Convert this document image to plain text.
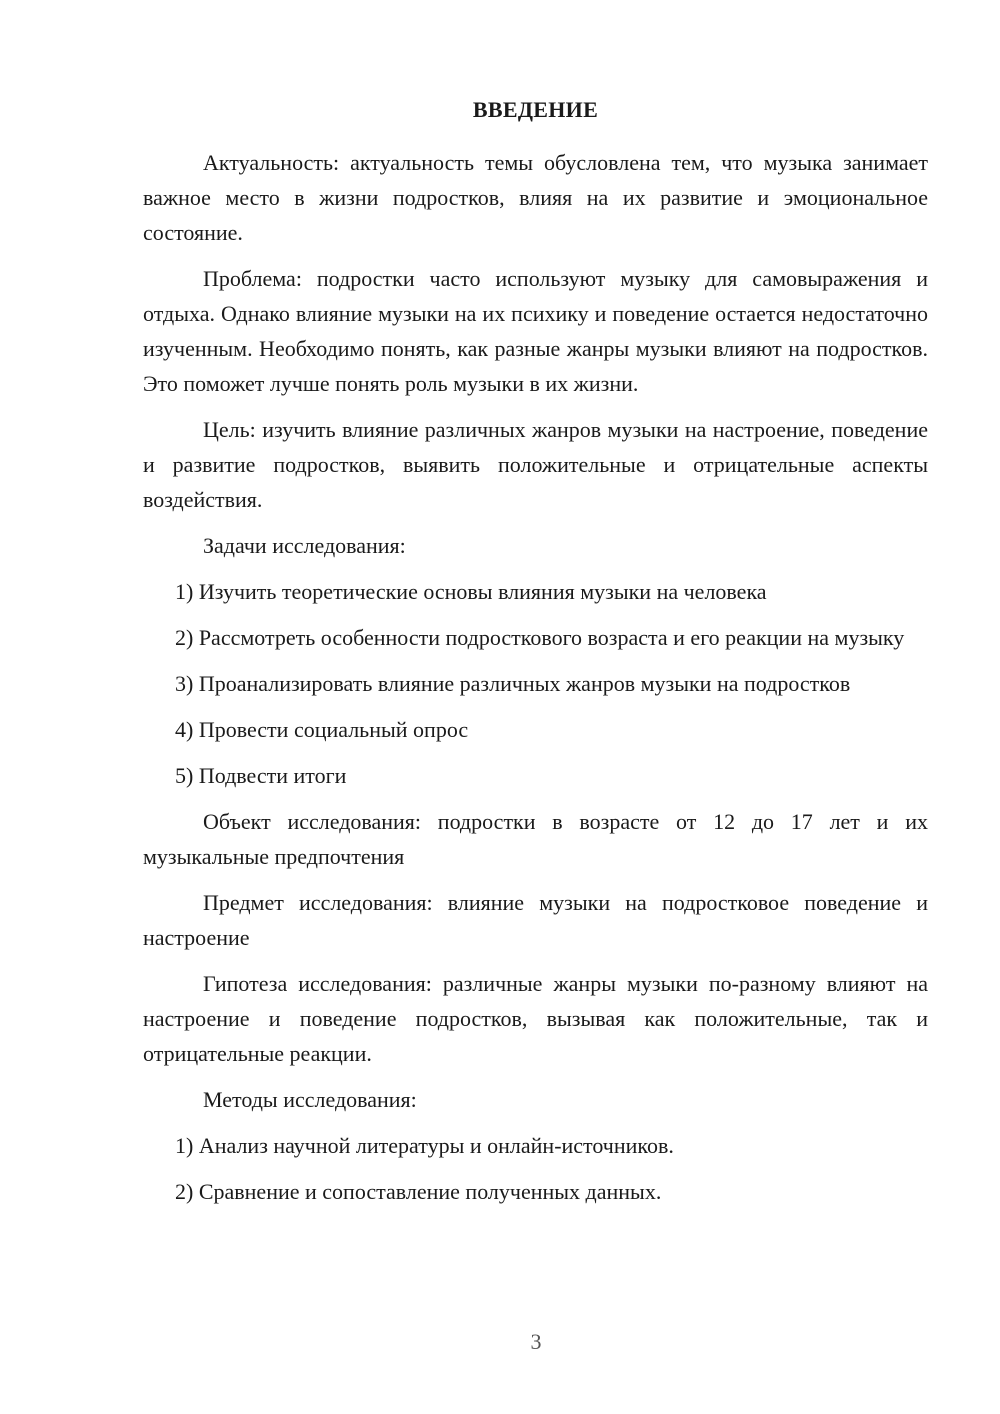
ВВЕДЕНИЕ

Актуальность: актуальность темы обусловлена тем, что музыка занимает важное место в жизни подростков, влияя на их развитие и эмоциональное состояние.

Проблема: подростки часто используют музыку для самовыражения и отдыха. Однако влияние музыки на их психику и поведение остается недостаточно изученным. Необходимо понять, как разные жанры музыки влияют на подростков. Это поможет лучше понять роль музыки в их жизни.

Цель: изучить влияние различных жанров музыки на настроение, поведение и развитие подростков, выявить положительные и отрицательные аспекты воздействия.

Задачи исследования:

1) Изучить теоретические основы влияния музыки на человека

2) Рассмотреть особенности подросткового возраста и его реакции на музыку

3) Проанализировать влияние различных жанров музыки на подростков

4) Провести социальный опрос

5) Подвести итоги

Объект исследования: подростки в возрасте от 12 до 17 лет и их музыкальные предпочтения

Предмет исследования: влияние музыки на подростковое поведение и настроение

Гипотеза исследования: различные жанры музыки по-разному влияют на настроение и поведение подростков, вызывая как положительные, так и отрицательные реакции.

Методы исследования:

1) Анализ научной литературы и онлайн-источников.

2) Сравнение и сопоставление полученных данных.

3
